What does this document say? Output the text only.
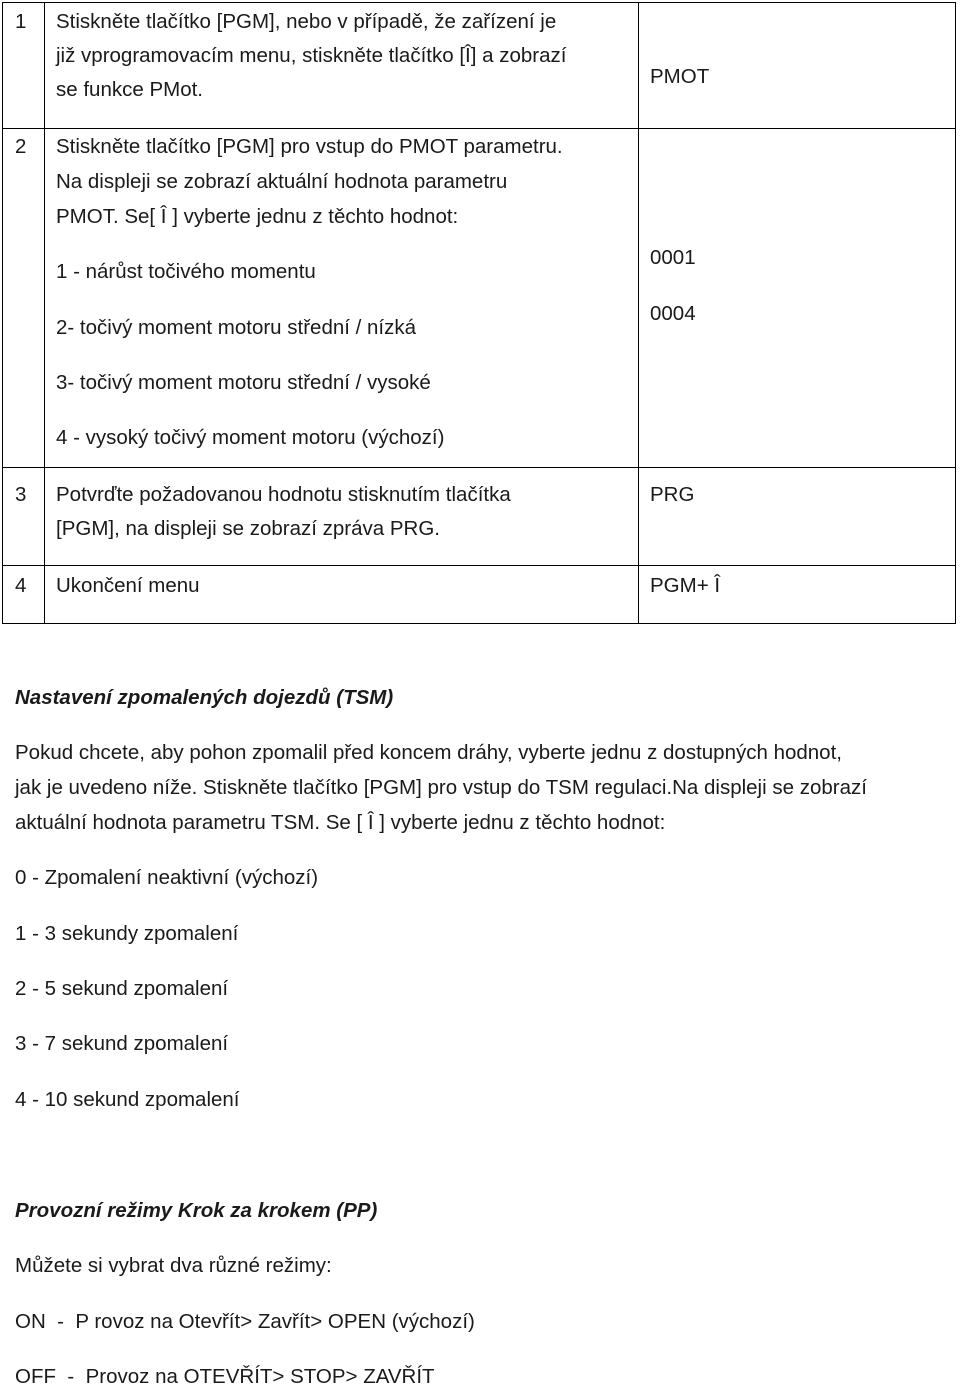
1 Stiskněte tlačítko [PGM], nebo v případě, že zařízení je
již vprogramovacím menu, stiskněte tlačítko [Î] a zobrazí
se funkce PMot.
PMOT
2 Stiskněte tlačítko [PGM] pro vstup do PMOT parametru.
Na displeji se zobrazí aktuální hodnota parametru
PMOT. Se[ Î ] vyberte jednu z těchto hodnot:
1 - nárůst točivého momentu
2- točivý moment motoru střední / nízká
3- točivý moment motoru střední / vysoké
4 - vysoký točivý moment motoru (výchozí)
0001
0004
3 Potvrďte požadovanou hodnotu stisknutím tlačítka
[PGM], na displeji se zobrazí zpráva PRG.
PRG
4 Ukončení menu	PGM+ Î
Nastavení zpomalených dojezdů (TSM)
Pokud chcete, aby pohon zpomalil před koncem dráhy, vyberte jednu z dostupných hodnot,
jak je uvedeno níže. Stiskněte tlačítko [PGM] pro vstup do TSM regulaci.Na displeji se zobrazí
aktuální hodnota parametru TSM. Se [ Î ] vyberte jednu z těchto hodnot:
0 - Zpomalení neaktivní (výchozí)
1 - 3 sekundy zpomalení
2 - 5 sekund zpomalení
3 - 7 sekund zpomalení
4 - 10 sekund zpomalení
Provozní režimy Krok za krokem (PP)
Můžete si vybrat dva různé režimy:
ON  -  P rovoz na Otevřít> Zavřít> OPEN (výchozí)
OFF  -  Provoz na OTEVŘÍT> STOP> ZAVŘÍT
